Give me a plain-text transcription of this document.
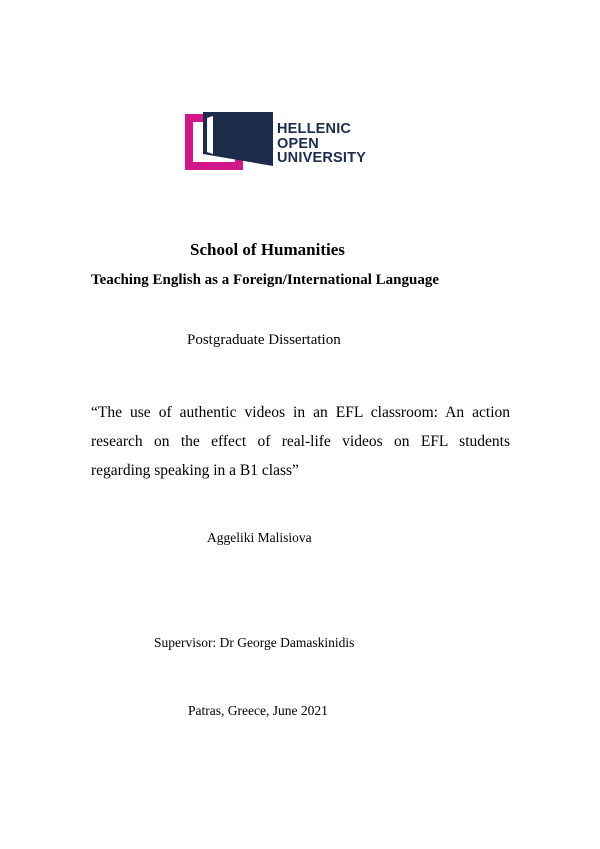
HELLENIC
OPEN
UNIVERSITY
School of Humanities
Teaching English as a Foreign/International Language
Postgraduate Dissertation
“The use of authentic videos in an EFL classroom: An action
research on the effect of real-life videos on EFL students
regarding speaking in a B1 class”
Aggeliki Malisiova
Supervisor: Dr George Damaskinidis
Patras, Greece, June 2021
